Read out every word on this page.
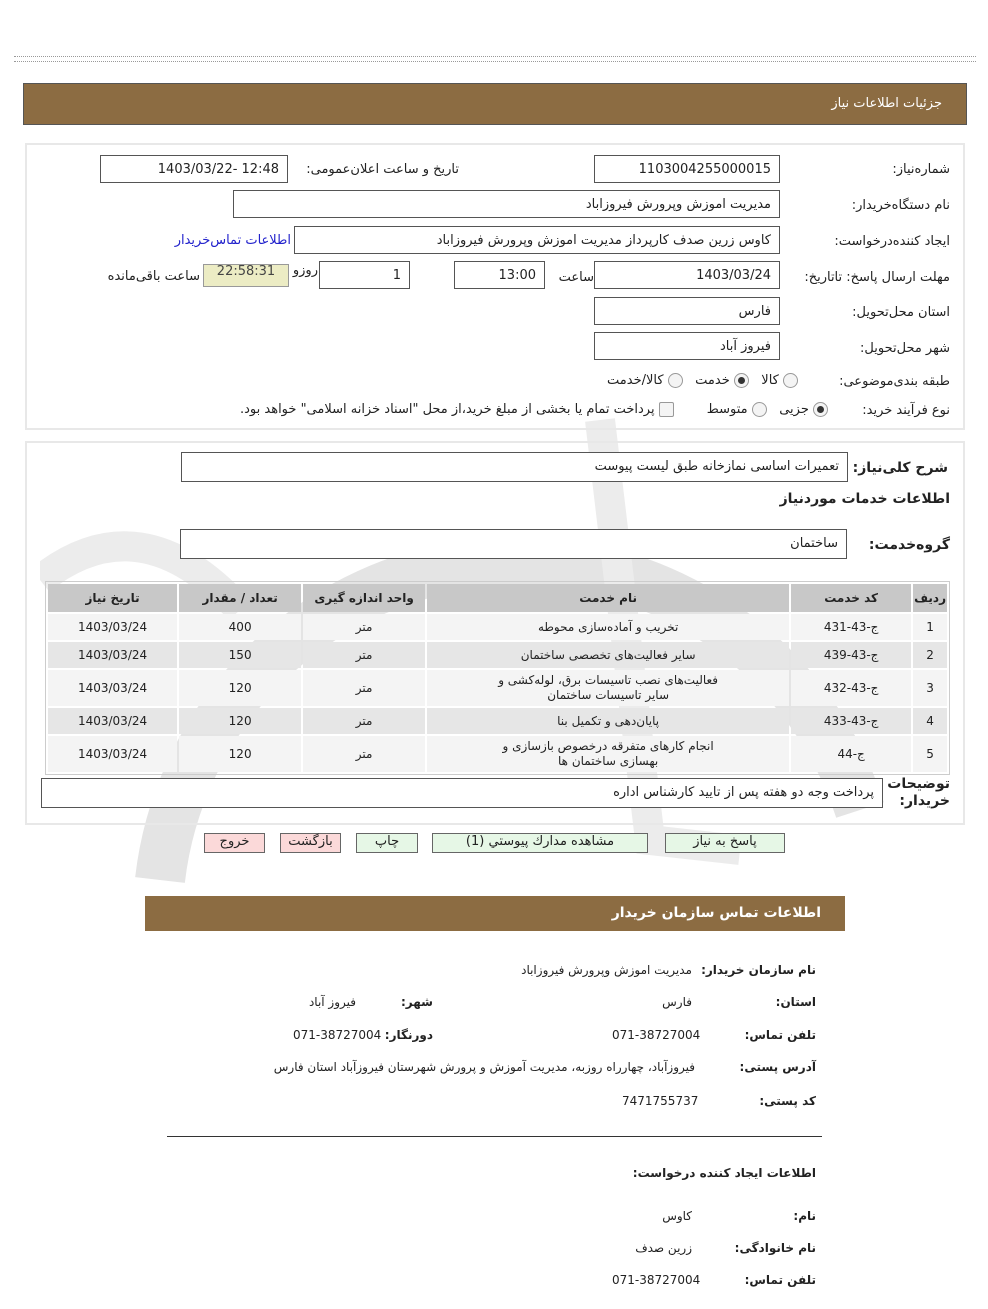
جزئیات اطلاعات نیاز
شماره‌نیاز:
1103004255000015
تاریخ و ساعت اعلان‌عمومی:
1403/03/22- 12:48
نام دستگاه‌خریدار:
مدیریت اموزش وپرورش فیروزاباد
ایجاد کننده‌درخواست:
کاوس زرین صدف کارپرداز مدیریت اموزش وپرورش فیروزاباد
اطلاعات تماس‌خریدار
مهلت ارسال پاسخ: تاتاریخ:
1403/03/24
ساعت
13:00
1
روزو
22:58:31
ساعت باقی‌مانده
استان محل‌تحویل:
فارس
شهر محل‌تحویل:
فیروز آباد
طبقه بندی‌موضوعی:
کالا    خدمت    کالا/خدمت
نوع فرآیند خرید:
جزیی    متوسط         پرداخت تمام یا بخشی از مبلغ خرید،از محل "اسناد خزانه اسلامی" خواهد بود.
شرح کلی‌نیاز:
تعمیرات اساسی نمازخانه طبق لیست پیوست
اطلاعات خدمات مورد‌نیاز
گروه‌خدمت:
ساختمان
ردیف	کد خدمت	نام خدمت	واحد اندازه گیری	تعداد / مقدار	تاریخ نیاز
1	ج-43-431	تخریب و آماده‌سازی محوطه	متر	400	1403/03/24
2	ج-43-439	سایر فعالیت‌های تخصصی ساختمان	متر	150	1403/03/24
3	ج-43-432	فعالیت‌های نصب تاسیسات برق، لوله‌کشی و سایر تاسیسات ساختمان	متر	120	1403/03/24
4	ج-43-433	پایان‌دهی و تکمیل بنا	متر	120	1403/03/24
5	ج-44	انجام کارهای متفرقه درخصوص بازسازی و بهسازی ساختمان ها	متر	120	1403/03/24
توضیحات خریدار:
پرداخت وجه دو هفته پس از تایید کارشناس اداره
پاسخ به نیاز
مشاهده مدارك پيوستي (1)
چاپ
بازگشت
خروج
اطلاعات تماس سازمان خریدار
نام سازمان خریدار:
مدیریت اموزش وپرورش فیروزاباد
استان:
فارس
شهر:
فیروز آباد
تلفن تماس:
071-38727004
دورنگار:
071-38727004
آدرس پستی:
فیروزآباد، چهارراه روزبه، مدیریت آموزش و پرورش شهرستان فیروزآباد استان فارس
کد پستی:
7471755737
اطلاعات ایجاد کننده درخواست:
نام:
کاوس
نام خانوادگی:
زرین صدف
تلفن تماس:
071-38727004
